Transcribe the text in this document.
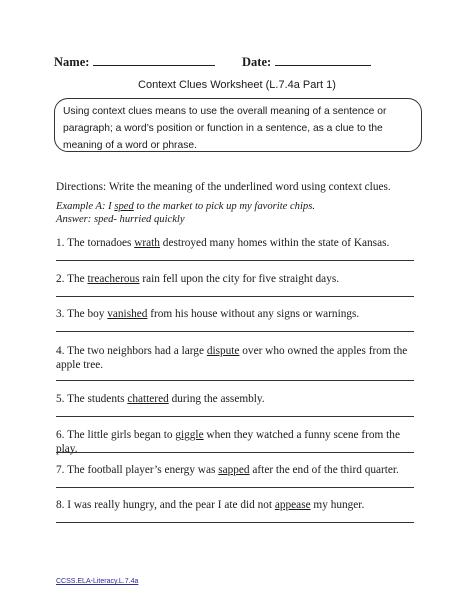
Name:	Date:
Context Clues Worksheet (L.7.4a Part 1)
Using context clues means to use the overall meaning of a sentence or paragraph; a word’s position or function in a sentence, as a clue to the meaning of a word or phrase.
Directions: Write the meaning of the underlined word using context clues.
Example A: I sped to the market to pick up my favorite chips.
Answer: sped- hurried quickly
1. The tornadoes wrath destroyed many homes within the state of Kansas.
2. The treacherous rain fell upon the city for five straight days.
3. The boy vanished from his house without any signs or warnings.
4. The two neighbors had a large dispute over who owned the apples from the apple tree.
5. The students chattered during the assembly.
6. The little girls began to giggle when they watched a funny scene from the play.
7. The football player’s energy was sapped after the end of the third quarter.
8. I was really hungry, and the pear I ate did not appease my hunger.
CCSS.ELA-Literacy.L.7.4a
